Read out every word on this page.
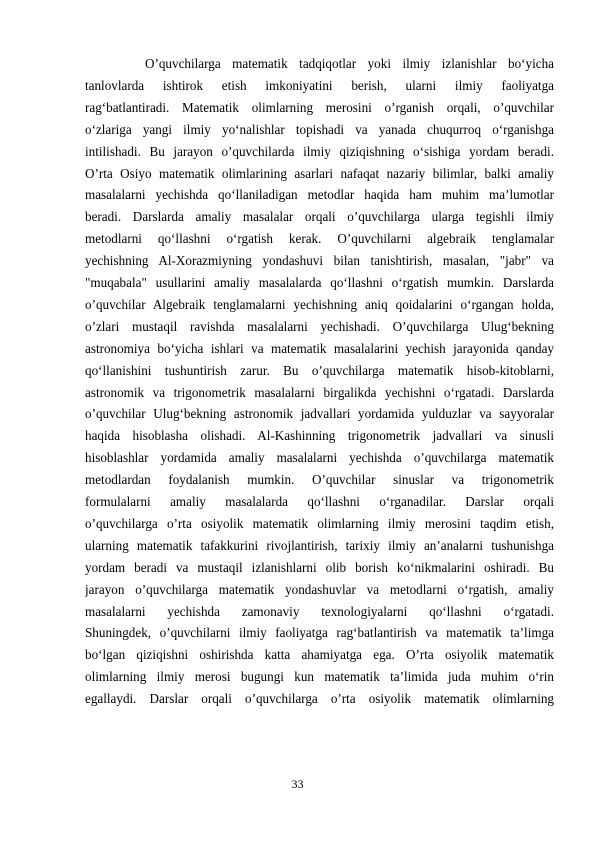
O’quvchilarga matematik tadqiqotlar yoki ilmiy izlanishlar bo‘yicha
tanlovlarda ishtirok etish imkoniyatini berish, ularni ilmiy faoliyatga
rag‘batlantiradi. Matematik olimlarning merosini o’rganish orqali, o’quvchilar
o‘zlariga yangi ilmiy yo‘nalishlar topishadi va yanada chuqurroq o‘rganishga
intilishadi. Bu jarayon o’quvchilarda ilmiy qiziqishning o‘sishiga yordam beradi.
O’rta Osiyo matematik olimlarining asarlari nafaqat nazariy bilimlar, balki amaliy
masalalarni yechishda qo‘llaniladigan metodlar haqida ham muhim ma’lumotlar
beradi. Darslarda amaliy masalalar orqali o’quvchilarga ularga tegishli ilmiy
metodlarni qo‘llashni o‘rgatish kerak. O’quvchilarni algebraik tenglamalar
yechishning Al-Xorazmiyning yondashuvi bilan tanishtirish, masalan, "jabr" va
"muqabala" usullarini amaliy masalalarda qo‘llashni o‘rgatish mumkin. Darslarda
o’quvchilar Algebraik tenglamalarni yechishning aniq qoidalarini o‘rgangan holda,
o’zlari mustaqil ravishda masalalarni yechishadi. O’quvchilarga Ulug‘bekning
astronomiya bo‘yicha ishlari va matematik masalalarini yechish jarayonida qanday
qo‘llanishini tushuntirish zarur. Bu o’quvchilarga matematik hisob-kitoblarni,
astronomik va trigonometrik masalalarni birgalikda yechishni o‘rgatadi. Darslarda
o’quvchilar Ulug‘bekning astronomik jadvallari yordamida yulduzlar va sayyoralar
haqida hisoblasha olishadi. Al-Kashinning trigonometrik jadvallari va sinusli
hisoblashlar yordamida amaliy masalalarni yechishda o’quvchilarga matematik
metodlardan foydalanish mumkin. O’quvchilar sinuslar va trigonometrik
formulalarni amaliy masalalarda qo‘llashni o‘rganadilar. Darslar orqali
o’quvchilarga o’rta osiyolik matematik olimlarning ilmiy merosini taqdim etish,
ularning matematik tafakkurini rivojlantirish, tarixiy ilmiy an’analarni tushunishga
yordam beradi va mustaqil izlanishlarni olib borish ko‘nikmalarini oshiradi. Bu
jarayon o’quvchilarga matematik yondashuvlar va metodlarni o‘rgatish, amaliy
masalalarni yechishda zamonaviy texnologiyalarni qo‘llashni o‘rgatadi.
Shuningdek, o’quvchilarni ilmiy faoliyatga rag‘batlantirish va matematik ta’limga
bo‘lgan qiziqishni oshirishda katta ahamiyatga ega. O’rta osiyolik matematik
olimlarning ilmiy merosi bugungi kun matematik ta’limida juda muhim o‘rin
egallaydi. Darslar orqali o’quvchilarga o’rta osiyolik matematik olimlarning
33
